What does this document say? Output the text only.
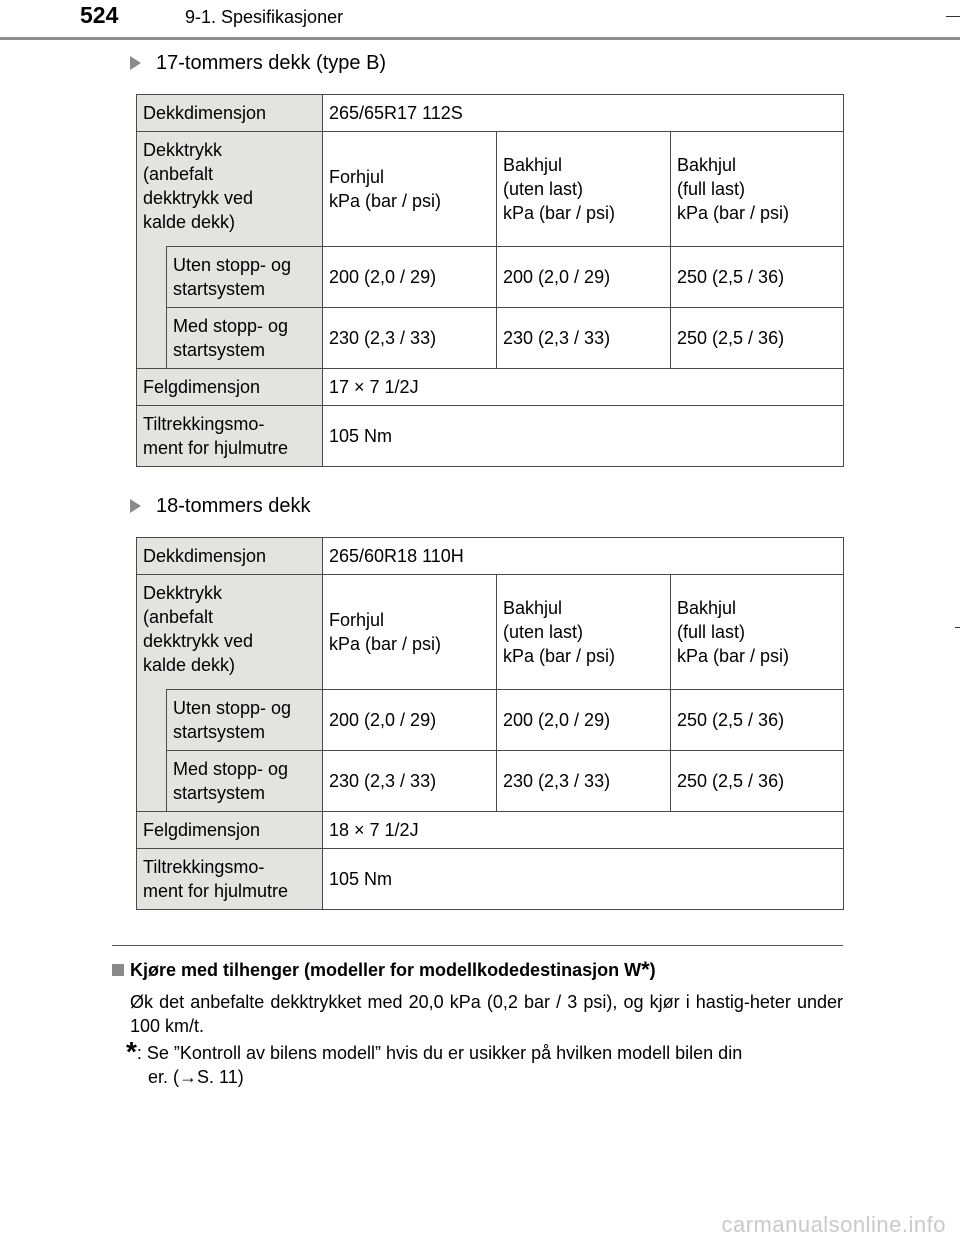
524	9-1. Spesifikasjoner
17-tommers dekk (type B)
Dekkdimensjon		265/65R17 112S		
Dekktrykk
(anbefalt
dekktrykk ved
kalde dekk)		Forhjul
kPa (bar / psi)	Bakhjul
(uten last)
kPa (bar / psi)	Bakhjul
(full last)
kPa (bar / psi)
	Uten stopp- og
startsystem	200 (2,0 / 29)	200 (2,0 / 29)	250 (2,5 / 36)
	Med stopp- og
startsystem	230 (2,3 / 33)	230 (2,3 / 33)	250 (2,5 / 36)
Felgdimensjon		17 × 7 1/2J		
Tiltrekkingsmo-
ment for hjulmutre		105 Nm		
18-tommers dekk
Dekkdimensjon		265/60R18 110H		
Dekktrykk
(anbefalt
dekktrykk ved
kalde dekk)		Forhjul
kPa (bar / psi)	Bakhjul
(uten last)
kPa (bar / psi)	Bakhjul
(full last)
kPa (bar / psi)
	Uten stopp- og
startsystem	200 (2,0 / 29)	200 (2,0 / 29)	250 (2,5 / 36)
	Med stopp- og
startsystem	230 (2,3 / 33)	230 (2,3 / 33)	250 (2,5 / 36)
Felgdimensjon		18 × 7 1/2J		
Tiltrekkingsmo-
ment for hjulmutre		105 Nm		
Kjøre med tilhenger (modeller for modellkodedestinasjon W * )
Øk det anbefalte dekktrykket med 20,0 kPa (0,2 bar / 3 psi), og kjør i hastig-heter under 100 km/t.
*: Se ”Kontroll av bilens modell” hvis du er usikker på hvilken modell bilen din
er. (→S. 11)
carmanualsonline.info
